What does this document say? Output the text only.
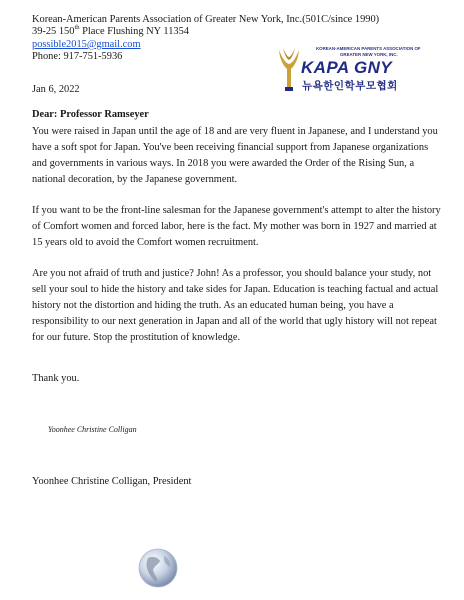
Korean-American Parents Association of Greater New York, Inc.(501C/since 1990)
39-25 150th Place Flushing NY 11354
possible2015@gmail.com
Phone: 917-751-5936
KOREAN-AMERICAN PARENTS ASSOCIATION OF
GREATER NEW YORK, INC.
KAPA GNY
뉴욕한인학부모협회
Jan 6, 2022
Dear: Professor Ramseyer

You were raised in Japan until the age of 18 and are very fluent in Japanese, and I understand you have a soft spot for Japan. You've been receiving financial support from Japanese organizations and governments in various ways. In 2018 you were awarded the Order of the Rising Sun, a national decoration, by the Japanese government.

If you want to be the front-line salesman for the Japanese government's attempt to alter the history of Comfort women and forced labor, here is the fact. My mother was born in 1927 and married at 15 years old to avoid the Comfort women recruitment.

Are you not afraid of truth and justice? John! As a professor, you should balance your study, not sell your soul to hide the history and take sides for Japan. Education is teaching factual and actual history not the distortion and hiding the truth. As an educated human being, you have a responsibility to our next generation in Japan and all of the world that ugly history will not repeat for our future. Stop the prostitution of knowledge.

Thank you.
Yoonhee Christine Colligan
Yoonhee Christine Colligan, President
